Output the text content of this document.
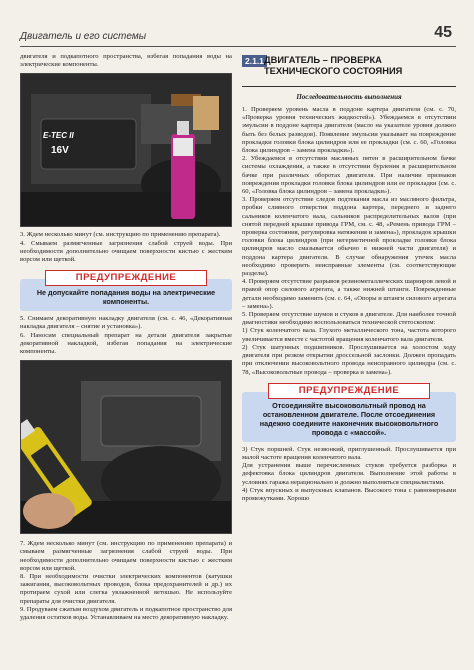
Двигатель и его системы	45

двигателя и подкапотного пространства, избегая попадания воды на электрические компоненты.

E-TEC II
16V

3. Ждем несколько минут (см. инструкцию по применению препарата).

4. Смываем размягченные загрязнения слабой струей воды. При необходимости дополнительно очищаем поверхности кистью с жестким ворсом или щеткой.

ПРЕДУПРЕЖДЕНИЕ
Не допускайте попадания воды на электрические компоненты.

5. Снимаем декоративную накладку двигателя (см. с. 46, «Декоративная накладка двигателя – снятие и установка»).

6. Наносим специальный препарат на детали двигателя закрытые декоративной накладкой, избегая попадания на электрические компоненты.

7. Ждем несколько минут (см. инструкцию по применению препарата) и смываем размягченные загрязнения слабой струей воды. При необходимости дополнительно очищаем поверхности кистью с жестким ворсом или щеткой.

8. При необходимости очистки электрических компонентов (катушки зажигания, высоковольтных проводов, блока предохранителей и др.) их протираем сухой или слегка увлажненной ветошью. Не используйте препараты для очистки двигателя.

9. Продуваем сжатым воздухом двигатель и подкапотное пространство для удаления остатков воды. Устанавливаем на место декоративную накладку.

2.1.1 ДВИГАТЕЛЬ – ПРОВЕРКА ТЕХНИЧЕСКОГО СОСТОЯНИЯ
Последовательность выполнения

1. Проверяем уровень масла в поддоне картера двигателя (см. с. 70, «Проверка уровня технических жидкостей»). Убеждаемся в отсутствии эмульсии в поддоне картера двигателя (масло на указателе уровня должно быть без белых разводов). Появление эмульсии указывает на повреждение прокладки головки блока цилиндров или ее прокладки (см. с. 60, «Головка блока цилиндров – замена прокладки»).

2. Убеждаемся в отсутствии масляных пятен в расширительном бачке системы охлаждения, а также в отсутствии бурления в расширительном бачке при различных оборотах двигателя. При наличии признаков повреждения прокладки головки блока цилиндров или ее прокладки (см. с. 60, «Головка блока цилиндров – замена прокладки»).

3. Проверяем отсутствие следов подтекания масла из масляного фильтра, пробки сливного отверстия поддона картера, переднего и заднего сальников коленчатого вала, сальников распределительных валов (при снятой передней крышке привода ГРМ, см. с. 48, «Ремень привода ГРМ – проверка состояния, регулировка натяжения и замена»), прокладок крышки головки блока цилиндров (при негерметичной прокладке головки блока цилиндров масло смазывается обычно в нижней части двигателя) и поддона картера двигателя. В случае обнаружения утечек масла необходимо проверить неисправные элементы (см. соответствующие разделы).

4. Проверяем отсутствие разрывов резинометаллических шарниров левой и правой опор силового агрегата, а также нижней штанги. Поврежденные детали необходимо заменить (см. с. 64, «Опоры и штанги силового агрегата – замена»).

5. Проверяем отсутствие шумов и стуков в двигателе. Для наиболее точной диагностики необходимо воспользоваться технической стетоскопом:

1) Стук коленчатого вала. Глухого металлического тона, частота которого увеличивается вместе с частотой вращения коленчатого вала двигателя.

2) Стук шатунных подшипников. Прослушивается на холостом ходу двигателя при резком открытии дроссельной заслонки. Должен пропадать при отключении высоковольтного провода неисправного цилиндра (см. с. 78, «Высоковольтные провода – проверка и замена»).

ПРЕДУПРЕЖДЕНИЕ
Отсоединяйте высоковольтный провод на остановленном двигателе. После отсоединения надежно соедините наконечник высоковольтного провода с «массой».

3) Стук поршней. Стук незвонкий, приглушенный. Прослушивается при малой частоте вращения коленчатого вала.

Для устранения выше перечисленных стуков требуется разборка и дефектовка блока цилиндров двигателя. Выполнение этой работы в условиях гаража нерационально и должно выполняться специалистами.

4) Стук впускных и выпускных клапанов. Высокого тона с равномерными промежутками. Хорошо
